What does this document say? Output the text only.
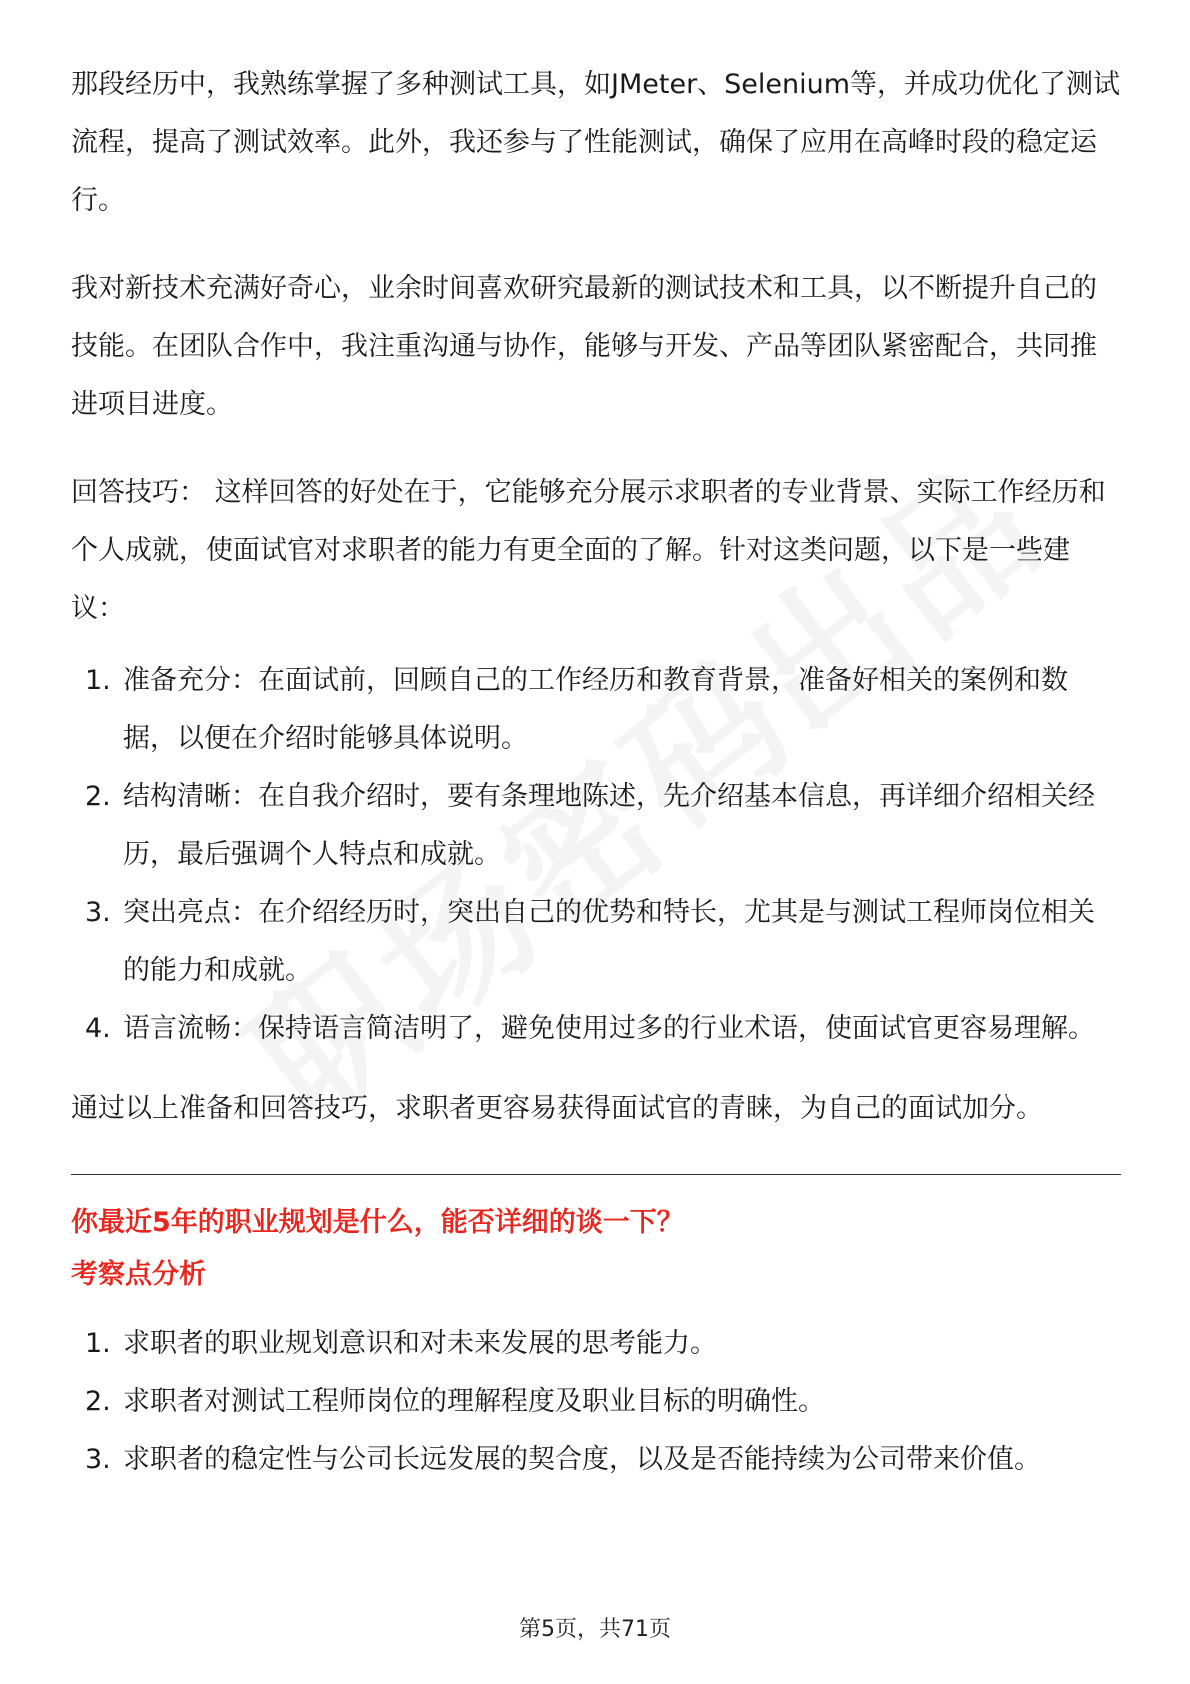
那段经历中，我熟练掌握了多种测试工具，如JMeter、Selenium等，并成功优化了测试流程，提高了测试效率。此外，我还参与了性能测试，确保了应用在高峰时段的稳定运行。

我对新技术充满好奇心，业余时间喜欢研究最新的测试技术和工具，以不断提升自己的技能。在团队合作中，我注重沟通与协作，能够与开发、产品等团队紧密配合，共同推进项目进度。

回答技巧： 这样回答的好处在于，它能够充分展示求职者的专业背景、实际工作经历和个人成就，使面试官对求职者的能力有更全面的了解。针对这类问题，以下是一些建议：

1. 准备充分：在面试前，回顾自己的工作经历和教育背景，准备好相关的案例和数据，以便在介绍时能够具体说明。
2. 结构清晰：在自我介绍时，要有条理地陈述，先介绍基本信息，再详细介绍相关经历，最后强调个人特点和成就。
3. 突出亮点：在介绍经历时，突出自己的优势和特长，尤其是与测试工程师岗位相关的能力和成就。
4. 语言流畅：保持语言简洁明了，避免使用过多的行业术语，使面试官更容易理解。

通过以上准备和回答技巧，求职者更容易获得面试官的青睐，为自己的面试加分。

你最近5年的职业规划是什么，能否详细的谈一下？
考察点分析
1. 求职者的职业规划意识和对未来发展的思考能力。
2. 求职者对测试工程师岗位的理解程度及职业目标的明确性。
3. 求职者的稳定性与公司长远发展的契合度，以及是否能持续为公司带来价值。
第5页，共71页
